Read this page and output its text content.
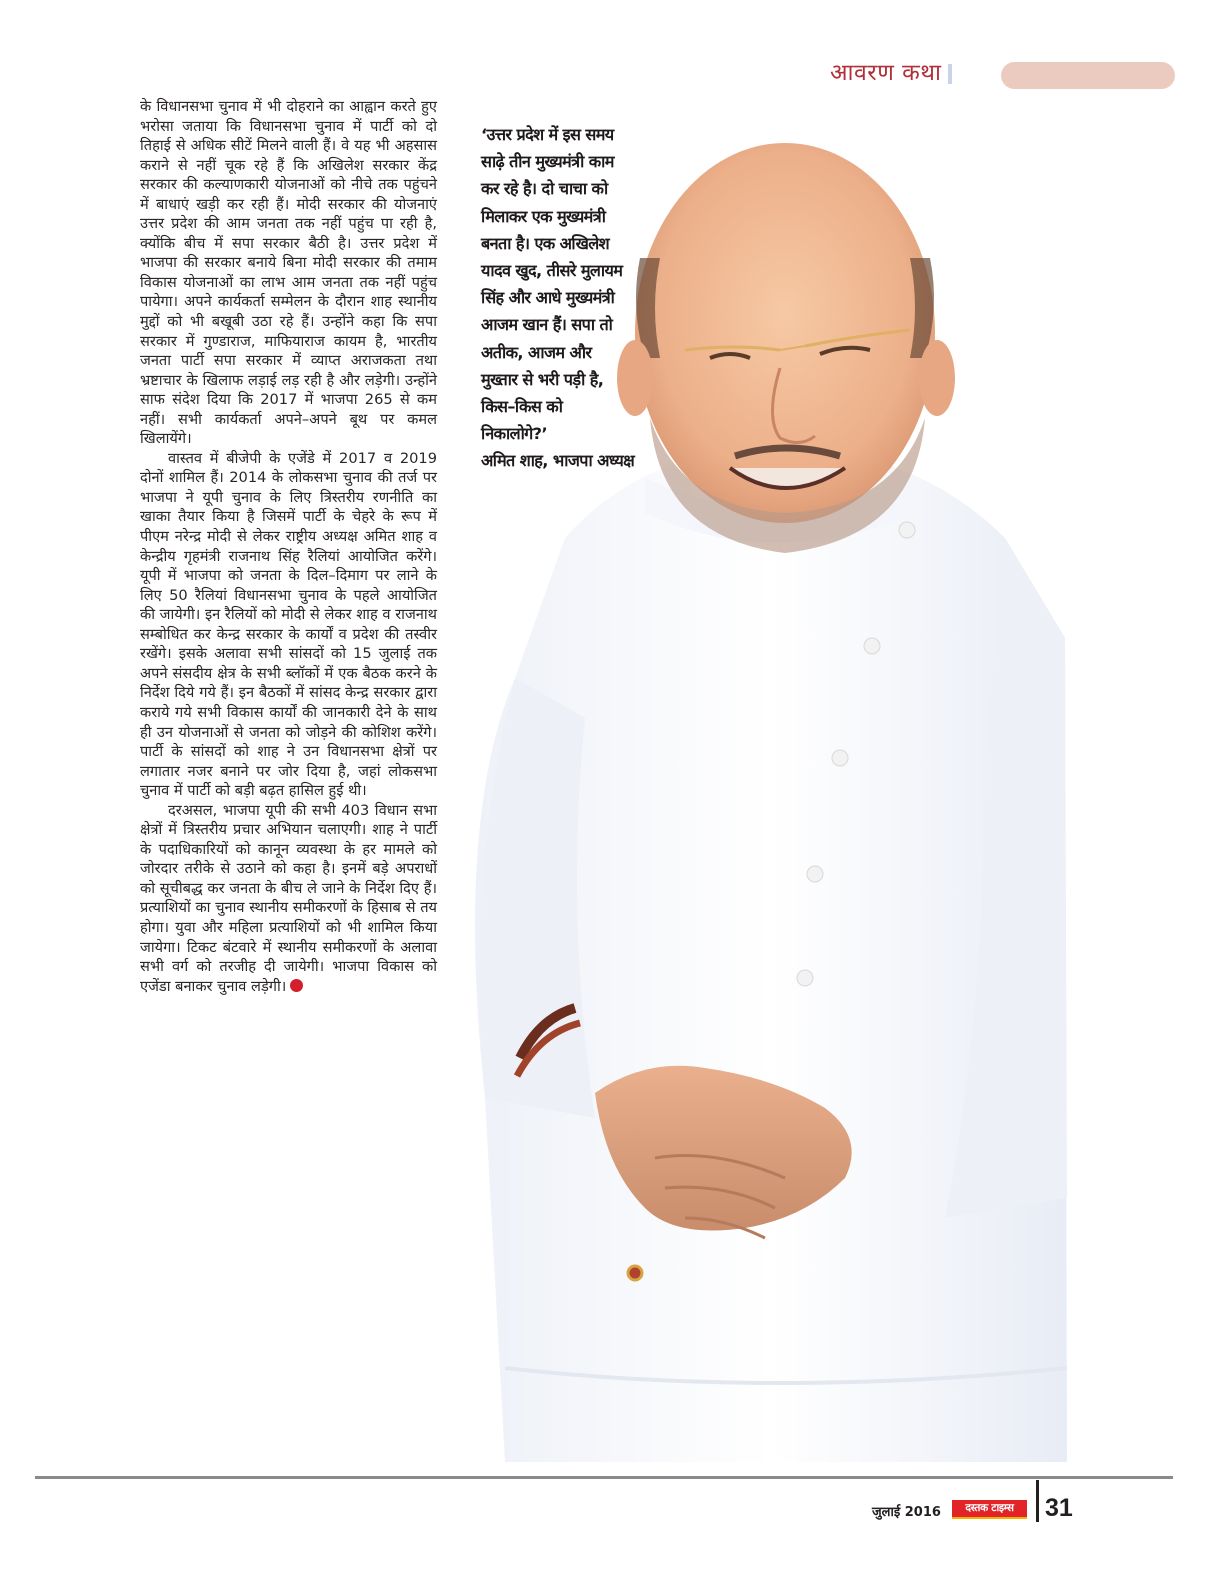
आवरण कथा
‘उत्तर प्रदेश में इस समय
साढ़े तीन मुख्यमंत्री काम
कर रहे है। दो चाचा को
मिलाकर एक मुख्यमंत्री
बनता है। एक अखिलेश
यादव खुद, तीसरे मुलायम
सिंह और आधे मुख्यमंत्री
आजम खान हैं। सपा तो
अतीक, आजम और
मुख्तार से भरी पड़ी है,
किस–किस को
निकालोगे?’
अमित शाह, भाजपा अध्यक्ष

के विधानसभा चुनाव में भी दोहराने का आह्वान करते हुए भरोसा जताया कि विधानसभा चुनाव में पार्टी को दो तिहाई से अधिक सीटें मिलने वाली हैं। वे यह भी अहसास कराने से नहीं चूक रहे हैं कि अखिलेश सरकार केंद्र सरकार की कल्याणकारी योजनाओं को नीचे तक पहुंचने में बाधाएं खड़ी कर रही हैं। मोदी सरकार की योजनाएं उत्तर प्रदेश की आम जनता तक नहीं पहुंच पा रही है, क्योंकि बीच में सपा सरकार बैठी है। उत्तर प्रदेश में भाजपा की सरकार बनाये बिना मोदी सरकार की तमाम विकास योजनाओं का लाभ आम जनता तक नहीं पहुंच पायेगा। अपने कार्यकर्ता सम्मेलन के दौरान शाह स्थानीय मुद्दों को भी बखूबी उठा रहे हैं। उन्होंने कहा कि सपा सरकार में गुण्डाराज, माफियाराज कायम है, भारतीय जनता पार्टी सपा सरकार में व्याप्त अराजकता तथा भ्रष्टाचार के खिलाफ लड़ाई लड़ रही है और लड़ेगी। उन्होंने साफ संदेश दिया कि 2017 में भाजपा 265 से कम नहीं। सभी कार्यकर्ता अपने–अपने बूथ पर कमल खिलायेंगे।

वास्तव में बीजेपी के एजेंडे में 2017 व 2019 दोनों शामिल हैं। 2014 के लोकसभा चुनाव की तर्ज पर भाजपा ने यूपी चुनाव के लिए त्रिस्तरीय रणनीति का खाका तैयार किया है जिसमें पार्टी के चेहरे के रूप में पीएम नरेन्द्र मोदी से लेकर राष्ट्रीय अध्यक्ष अमित शाह व केन्द्रीय गृहमंत्री राजनाथ सिंह रैलियां आयोजित करेंगे। यूपी में भाजपा को जनता के दिल–दिमाग पर लाने के लिए 50 रैलियां विधानसभा चुनाव के पहले आयोजित की जायेगी। इन रैलियों को मोदी से लेकर शाह व राजनाथ सम्बोधित कर केन्द्र सरकार के कार्यों व प्रदेश की तस्वीर रखेंगे। इसके अलावा सभी सांसदों को 15 जुलाई तक अपने संसदीय क्षेत्र के सभी ब्लॉकों में एक बैठक करने के निर्देश दिये गये हैं। इन बैठकों में सांसद केन्द्र सरकार द्वारा कराये गये सभी विकास कार्यों की जानकारी देने के साथ ही उन योजनाओं से जनता को जोड़ने की कोशिश करेंगे। पार्टी के सांसदों को शाह ने उन विधानसभा क्षेत्रों पर लगातार नजर बनाने पर जोर दिया है, जहां लोकसभा चुनाव में पार्टी को बड़ी बढ़त हासिल हुई थी।

दरअसल, भाजपा यूपी की सभी 403 विधान सभा क्षेत्रों में त्रिस्तरीय प्रचार अभियान चलाएगी। शाह ने पार्टी के पदाधिकारियों को कानून व्यवस्था के हर मामले को जोरदार तरीके से उठाने को कहा है। इनमें बड़े अपराधों को सूचीबद्ध कर जनता के बीच ले जाने के निर्देश दिए हैं। प्रत्याशियों का चुनाव स्थानीय समीकरणों के हिसाब से तय होगा। युवा और महिला प्रत्याशियों को भी शामिल किया जायेगा। टिकट बंटवारे में स्थानीय समीकरणों के अलावा सभी वर्ग को तरजीह दी जायेगी। भाजपा विकास को एजेंडा बनाकर चुनाव लड़ेगी।

जुलाई 2016	दस्तक टाइम्स	31
